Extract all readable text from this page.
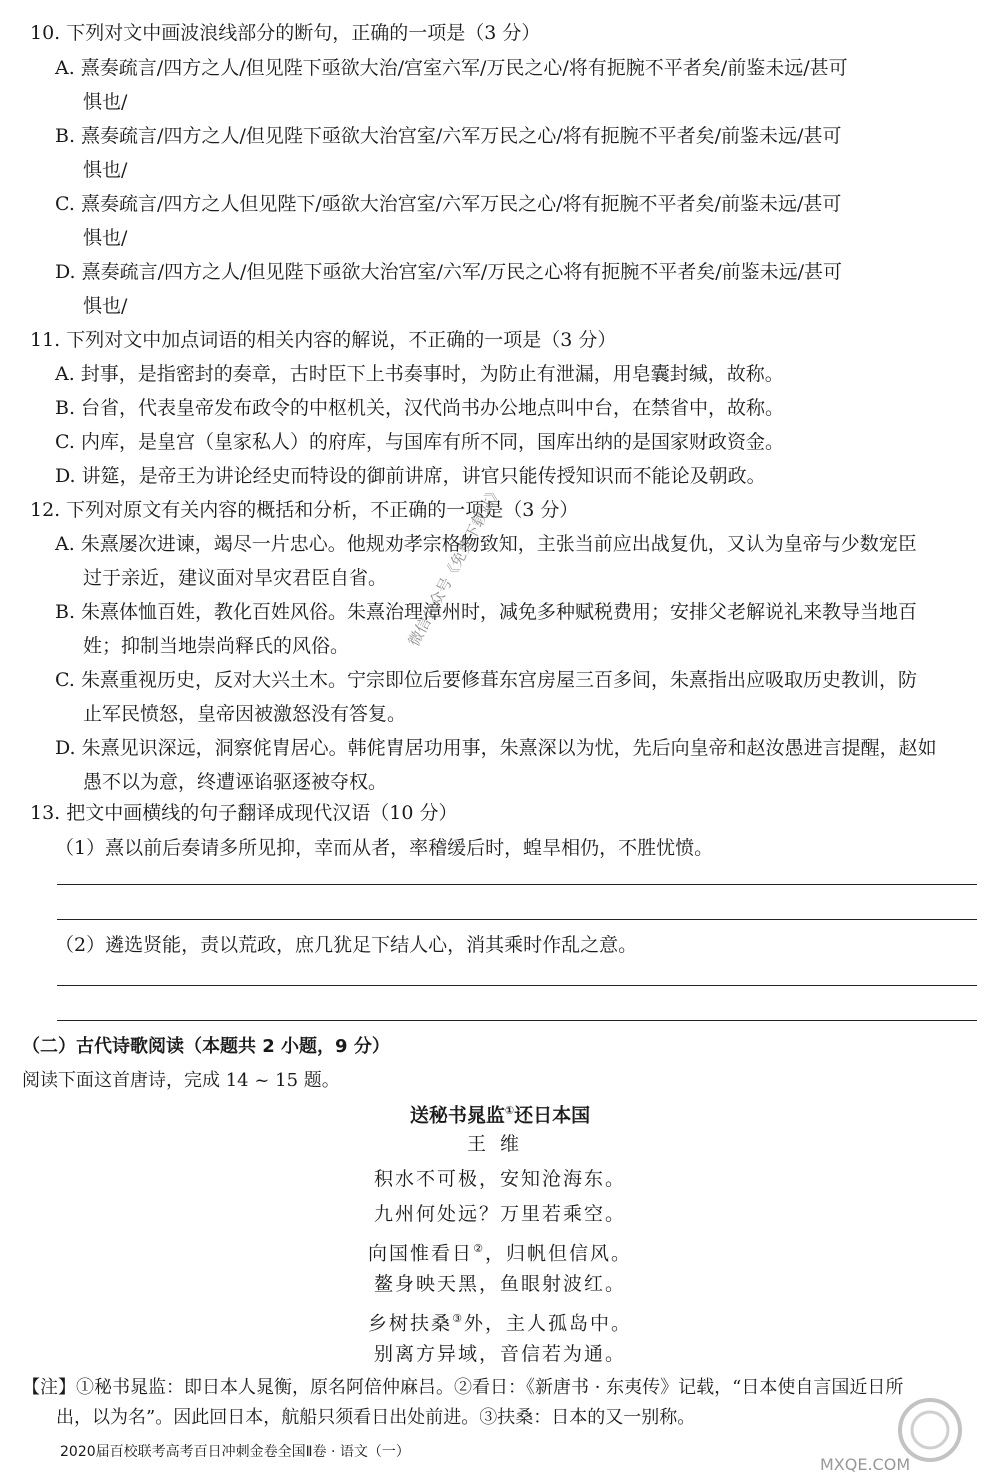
10. 下列对文中画波浪线部分的断句，正确的一项是（3 分）
A. 熹奏疏言/四方之人/但见陛下亟欲大治/宫室六军/万民之心/将有扼腕不平者矣/前鉴未远/甚可
惧也/
B. 熹奏疏言/四方之人/但见陛下亟欲大治宫室/六军万民之心/将有扼腕不平者矣/前鉴未远/甚可
惧也/
C. 熹奏疏言/四方之人但见陛下/亟欲大治宫室/六军万民之心/将有扼腕不平者矣/前鉴未远/甚可
惧也/
D. 熹奏疏言/四方之人/但见陛下亟欲大治宫室/六军/万民之心将有扼腕不平者矣/前鉴未远/甚可
惧也/
11. 下列对文中加点词语的相关内容的解说，不正确的一项是（3 分）
A. 封事，是指密封的奏章，古时臣下上书奏事时，为防止有泄漏，用皂囊封缄，故称。
B. 台省，代表皇帝发布政令的中枢机关，汉代尚书办公地点叫中台，在禁省中，故称。
C. 内库，是皇宫（皇家私人）的府库，与国库有所不同，国库出纳的是国家财政资金。
D. 讲筵，是帝王为讲论经史而特设的御前讲席，讲官只能传授知识而不能论及朝政。
12. 下列对原文有关内容的概括和分析，不正确的一项是（3 分）
A. 朱熹屡次进谏，竭尽一片忠心。他规劝孝宗格物致知，主张当前应出战复仇，又认为皇帝与少数宠臣
过于亲近，建议面对旱灾君臣自省。
B. 朱熹体恤百姓，教化百姓风俗。朱熹治理漳州时，减免多种赋税费用；安排父老解说礼来教导当地百
姓；抑制当地崇尚释氏的风俗。
C. 朱熹重视历史，反对大兴土木。宁宗即位后要修葺东宫房屋三百多间，朱熹指出应吸取历史教训，防
止军民愤怒，皇帝因被激怒没有答复。
D. 朱熹见识深远，洞察侂胄居心。韩侂胄居功用事，朱熹深以为忧，先后向皇帝和赵汝愚进言提醒，赵如
愚不以为意，终遭诬谄驱逐被夺权。
13. 把文中画横线的句子翻译成现代汉语（10 分）
（1）熹以前后奏请多所见抑，幸而从者，率稽缓后时，蝗旱相仍，不胜忧愤。
（2）遴选贤能，责以荒政，庶几犹足下结人心，消其乘时作乱之意。
（二）古代诗歌阅读（本题共 2 小题，9 分）
阅读下面这首唐诗，完成 14 ~ 15 题。
送秘书晁监①还日本国
王维
积水不可极，安知沧海东。
九州何处远？万里若乘空。
向国惟看日②，归帆但信风。
鳌身映天黑，鱼眼射波红。
乡树扶桑③外，主人孤岛中。
别离方异域，音信若为通。
【注】①秘书晁监：即日本人晁衡，原名阿倍仲麻吕。②看日：《新唐书 · 东夷传》记载，“日本使自言国近日所
出，以为名”。因此回日本，航船只须看日出处前进。③扶桑：日本的又一别称。
2020届百校联考高考百日冲刺金卷全国Ⅱ卷 · 语文（一）
微信公众号《免费下载站》
MXQE.COM
